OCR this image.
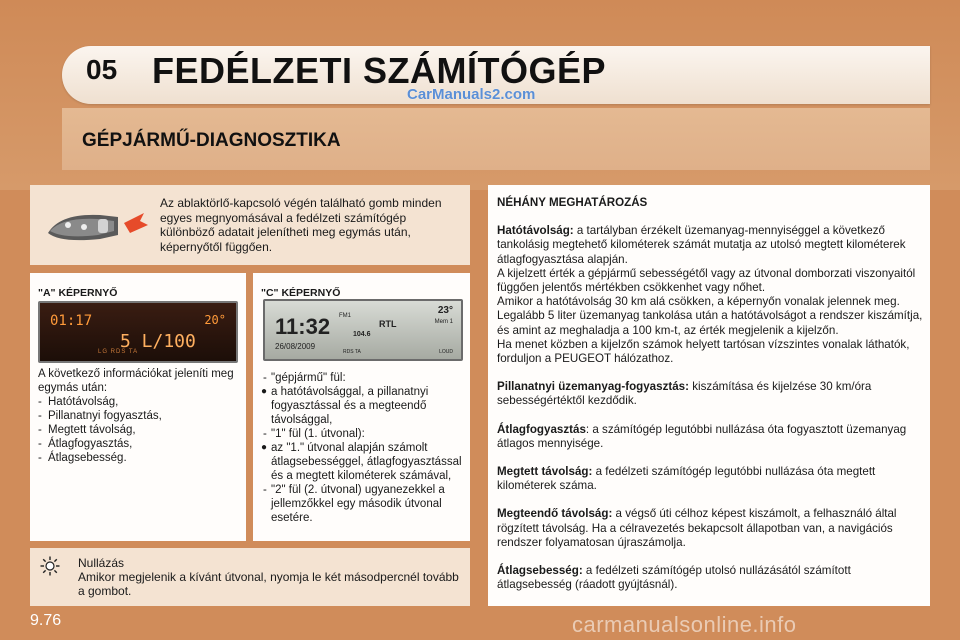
05 FEDÉLZETI SZÁMÍTÓGÉP
CarManuals2.com
GÉPJÁRMŰ-DIAGNOSZTIKA
Az ablaktörlő-kapcsoló végén található gomb minden egyes megnyomásával a fedélzeti számítógép különböző adatait jelenítheti meg egymás után, képernyőtől függően.
"A" KÉPERNYŐ
01:17	20°
5 L/100
LG RDS TA
A következő információkat jeleníti meg egymás után:
- Hatótávolság,
- Pillanatnyi fogyasztás,
- Megtett távolság,
- Átlagfogyasztás,
- Átlagsebesség.
"C" KÉPERNYŐ
11:32
26/08/2009
23°
FM1
RTL	Mem 1
104.6
RDS TA	LOUD
- "gépjármű" fül:
● a hatótávolsággal, a pillanatnyi fogyasztással és a megteendő távolsággal,
- "1" fül (1. útvonal):
● az "1." útvonal alapján számolt átlagsebességgel, átlagfogyasztással és a megtett kilométerek számával,
- "2" fül (2. útvonal) ugyanezekkel a jellemzőkkel egy második útvonal esetére.
Nullázás
Amikor megjelenik a kívánt útvonal, nyomja le két másodpercnél tovább a gombot.

NÉHÁNY MEGHATÁROZÁS

Hatótávolság: a tartályban érzékelt üzemanyag-mennyiséggel a következő tankolásig megtehető kilométerek számát mutatja az utolsó megtett kilométerek átlagfogyasztása alapján.
A kijelzett érték a gépjármű sebességétől vagy az útvonal domborzati viszonyaitól függően jelentős mértékben csökkenhet vagy nőhet.
Amikor a hatótávolság 30 km alá csökken, a képernyőn vonalak jelennek meg. Legalább 5 liter üzemanyag tankolása után a hatótávolságot a rendszer kiszámítja, és amint az meghaladja a 100 km-t, az érték megjelenik a kijelzőn.
Ha menet közben a kijelzőn számok helyett tartósan vízszintes vonalak láthatók, forduljon a PEUGEOT hálózathoz.

Pillanatnyi üzemanyag-fogyasztás: kiszámítása és kijelzése 30 km/óra sebességértéktől kezdődik.

Átlagfogyasztás: a számítógép legutóbbi nullázása óta fogyasztott üzemanyag átlagos mennyisége.

Megtett távolság: a fedélzeti számítógép legutóbbi nullázása óta megtett kilométerek száma.

Megteendő távolság: a végső úti célhoz képest kiszámolt, a felhasználó által rögzített távolság. Ha a célravezetés bekapcsolt állapotban van, a navigációs rendszer folyamatosan újraszámolja.

Átlagsebesség: a fedélzeti számítógép utolsó nullázásától számított átlagsebesség (ráadott gyújtásnál).

9.76	carmanualsonline.info
